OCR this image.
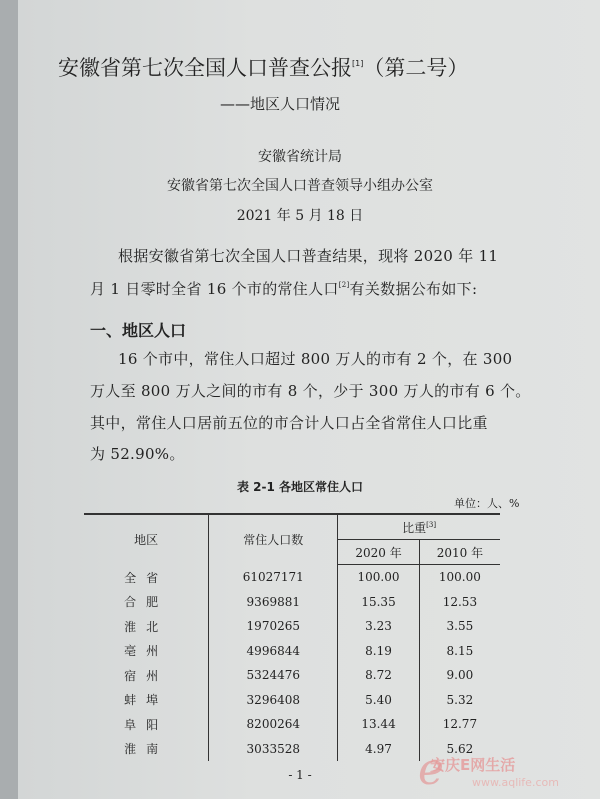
安徽省第七次全国人口普查公报[1]（第二号）
——地区人口情况
安徽省统计局
安徽省第七次全国人口普查领导小组办公室
2021 年 5 月 18 日
根据安徽省第七次全国人口普查结果，现将 2020 年 11
月 1 日零时全省 16 个市的常住人口[2]有关数据公布如下:
一、地区人口
16 个市中，常住人口超过 800 万人的市有 2 个，在 300
万人至 800 万人之间的市有 8 个，少于 300 万人的市有 6 个。
其中，常住人口居前五位的市合计人口占全省常住人口比重
为 52.90%。
表 2-1 各地区常住人口
单位：人、%
地区	常住人口数	比重[3]
		2020 年	2010 年
全省	61027171	100.00	100.00
合肥	9369881	15.35	12.53
淮北	1970265	3.23	3.55
亳州	4996844	8.19	8.15
宿州	5324476	8.72	9.00
蚌埠	3296408	5.40	5.32
阜阳	8200264	13.44	12.77
淮南	3033528	4.97	5.62
- 1 -	e
安庆E网生活
www.aqlife.com
